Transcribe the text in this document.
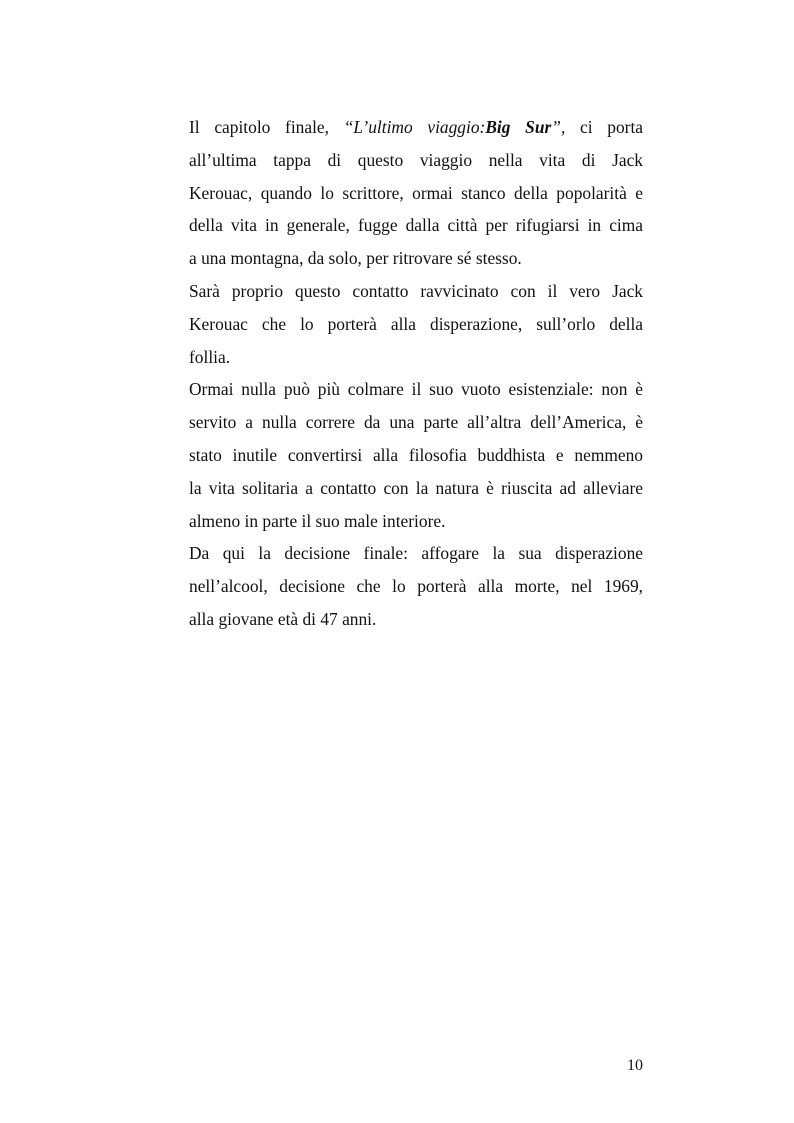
Il capitolo finale, “L’ultimo viaggio:Big Sur”, ci porta
all’ultima tappa di questo viaggio nella vita di Jack
Kerouac, quando lo scrittore, ormai stanco della popolarità e
della vita in generale, fugge dalla città per rifugiarsi in cima
a una montagna, da solo, per ritrovare sé stesso.

Sarà proprio questo contatto ravvicinato con il vero Jack
Kerouac che lo porterà alla disperazione, sull’orlo della
follia.

Ormai nulla può più colmare il suo vuoto esistenziale: non è
servito a nulla correre da una parte all’altra dell’America, è
stato inutile convertirsi alla filosofia buddhista e nemmeno
la vita solitaria a contatto con la natura è riuscita ad alleviare
almeno in parte il suo male interiore.

Da qui la decisione finale: affogare la sua disperazione
nell’alcool, decisione che lo porterà alla morte, nel 1969,
alla giovane età di 47 anni.

10
